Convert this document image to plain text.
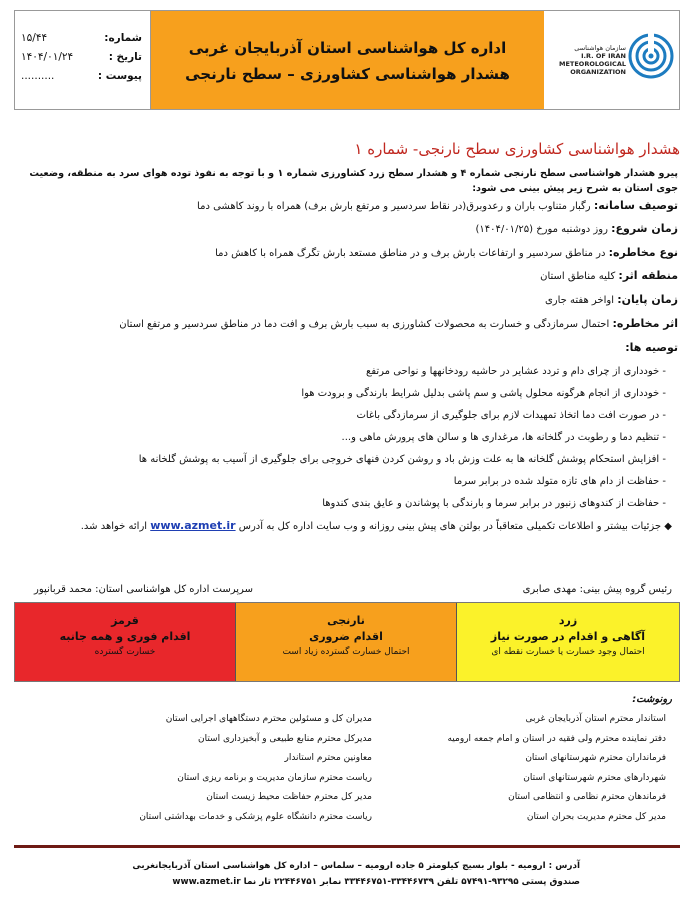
شماره:
۱۵/۴۴
تاریخ :
۱۴۰۴/۰۱/۲۴
پیوست :
..........
اداره کل هواشناسی استان آذربایجان غربی
هشدار هواشناسی کشاورزی – سطح نارنجی
سازمان هواشناسی
I.R. OF IRAN METEOROLOGICAL ORGANIZATION
هشدار هواشناسی کشاورزی سطح نارنجی- شماره ۱
پیرو هشدار هواشناسی سطح نارنجی شماره ۴ و هشدار سطح زرد کشاورزی شماره ۱ و با توجه به نفوذ توده هوای سرد به منطقه، وضعیت جوی استان به شرح زیر پیش بینی می شود:
توصیف سامانه: رگبار متناوب باران و رعدوبرق(در نقاط سردسیر و مرتفع بارش برف) همراه با روند کاهشی دما
زمان شروع: روز دوشنبه مورخ (۱۴۰۴/۰۱/۲۵)
نوع مخاطره: در مناطق سردسیر و ارتفاعات بارش برف و در مناطق مستعد بارش تگرگ همراه با کاهش دما
منطقه اثر: کلیه مناطق استان
زمان پایان: اواخر هفته جاری
اثر مخاطره: احتمال سرمازدگی و خسارت به محصولات کشاورزی به سبب بارش برف و افت دما در مناطق سردسیر و مرتفع استان
توصیه ها:
- خودداری از چرای دام و تردد عشایر در حاشیه رودخانهها و نواحی مرتفع
- خودداری از انجام هرگونه محلول پاشی و سم پاشی بدلیل شرایط بارندگی و برودت هوا
- در صورت افت دما اتخاذ تمهیدات لازم برای جلوگیری از سرمازدگی باغات
- تنظیم دما و رطوبت در گلخانه ها، مرغداری ها و سالن های پرورش ماهی و...
- افزایش استحکام پوشش گلخانه ها به علت وزش باد و روشن کردن فنهای خروجی برای جلوگیری از آسیب به پوشش گلخانه ها
- حفاظت از دام های تازه متولد شده در برابر سرما
- حفاظت از کندوهای زنبور در برابر سرما و بارندگی با پوشاندن و عایق بندی کندوها
◆ جزئیات بیشتر و اطلاعات تکمیلی متعاقباً در بولتن های پیش بینی روزانه و وب سایت اداره کل به آدرس www.azmet.ir ارائه خواهد شد.
رئیس گروه پیش بینی: مهدی صابری
سرپرست اداره کل هواشناسی استان: محمد قربانپور
زرد
آگاهی و اقدام در صورت نیاز
احتمال وجود خسارت یا خسارت نقطه ای
نارنجی
اقدام ضروری
احتمال خسارت گسترده زیاد است
قرمز
اقدام فوری و همه جانبه
خسارت گسترده
رونوشت:
استاندار محترم استان آذربایجان غربی
دفتر نماینده محترم ولی فقیه در استان و امام جمعه ارومیه
فرمانداران محترم شهرستانهای استان
شهردارهای محترم شهرستانهای استان
فرماندهان محترم نظامی و انتظامی استان
مدیر کل محترم مدیریت بحران استان
مدیران کل و مسئولین محترم دستگاههای اجرایی استان
مدیرکل محترم منابع طبیعی و آبخیزداری استان
معاونین محترم استاندار
ریاست محترم سازمان مدیریت و برنامه ریزی استان
مدیر کل محترم حفاظت محیط زیست استان
ریاست محترم دانشگاه علوم پزشکی و خدمات بهداشتی استان
آدرس : ارومیه - بلوار بسیج کیلومتر ۵ جاده ارومیه – سلماس – اداره کل هواشناسی استان آذربایجانغربی
صندوق پستی ۹۳۲۹۵-۵۷۴۹۱ تلفن ۳۳۴۴۶۷۳۹-۳۳۴۴۶۷۵۱ نمابر ۲۲۴۴۶۷۵۱ تار نما www.azmet.ir
